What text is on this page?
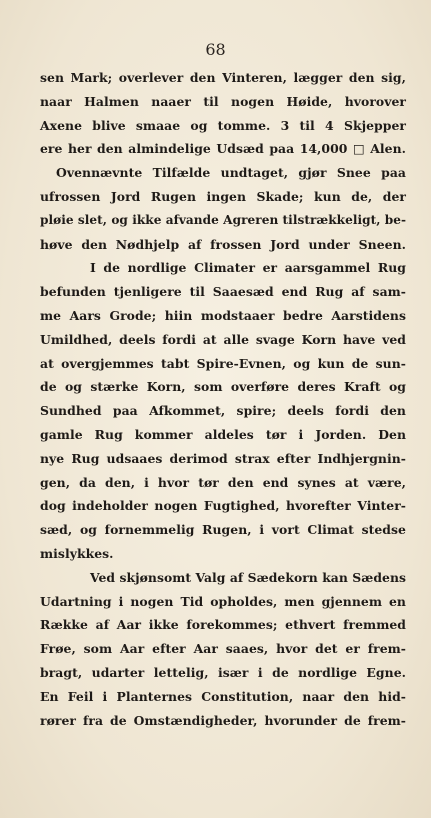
68
sen Mark; overlever den Vinteren, lægger den sig,
naar Halmen naaer til nogen Høide, hvorover
Axene blive smaae og tomme. 3 til 4 Skjepper
ere her den almindelige Udsæd paa 14,000 □ Alen.
Ovennævnte Tilfælde undtaget, gjør Snee paa
ufrossen Jord Rugen ingen Skade; kun de, der
pløie slet, og ikke afvande Agreren tilstrækkeligt, be-
høve den Nødhjelp af frossen Jord under Sneen.
I de nordlige Climater er aarsgammel Rug
befunden tjenligere til Saaesæd end Rug af sam-
me Aars Grode; hiin modstaaer bedre Aarstidens
Umildhed, deels fordi at alle svage Korn have ved
at overgjemmes tabt Spire-Evnen, og kun de sun-
de og stærke Korn, som overføre deres Kraft og
Sundhed paa Afkommet, spire; deels fordi den
gamle Rug kommer aldeles tør i Jorden. Den
nye Rug udsaaes derimod strax efter Indhjergnin-
gen, da den, i hvor tør den end synes at være,
dog indeholder nogen Fugtighed, hvorefter Vinter-
sæd, og fornemmelig Rugen, i vort Climat stedse
mislykkes.
Ved skjønsomt Valg af Sædekorn kan Sædens
Udartning i nogen Tid opholdes, men gjennem en
Række af Aar ikke forekommes; ethvert fremmed
Frøe, som Aar efter Aar saaes, hvor det er frem-
bragt, udarter lettelig, især i de nordlige Egne.
En Feil i Planternes Constitution, naar den hid-
rører fra de Omstændigheder, hvorunder de frem-
